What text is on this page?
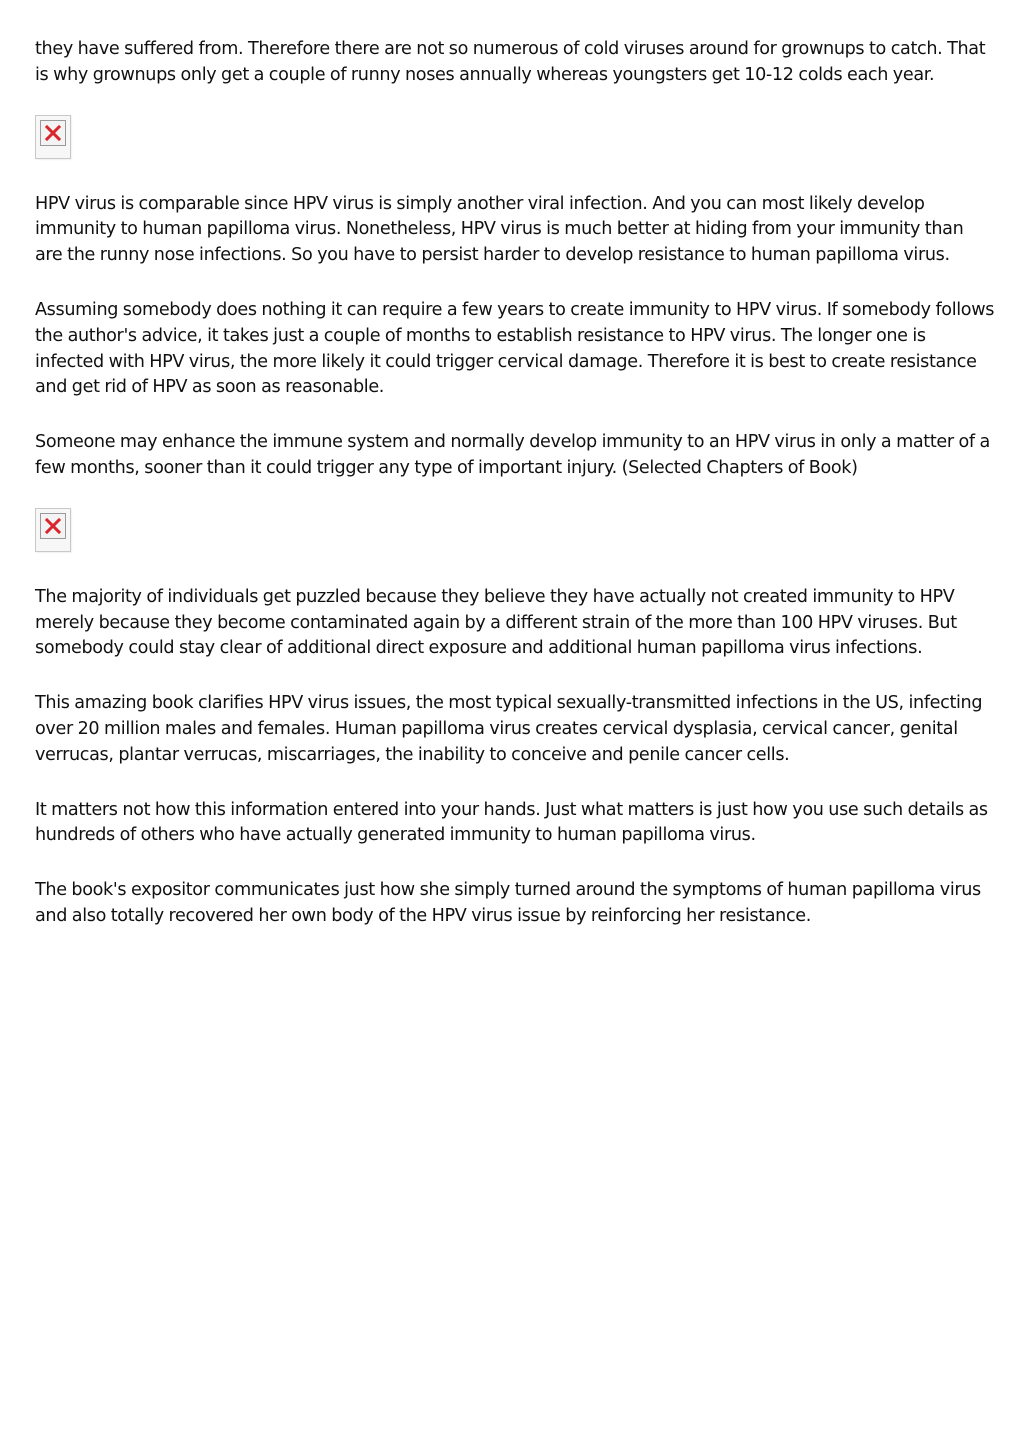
they have suffered from. Therefore there are not so numerous of cold viruses around for grownups to catch. That is why grownups only get a couple of runny noses annually whereas youngsters get 10-12 colds each year.

HPV virus is comparable since HPV virus is simply another viral infection. And you can most likely develop immunity to human papilloma virus. Nonetheless, HPV virus is much better at hiding from your immunity than are the runny nose infections. So you have to persist harder to develop resistance to human papilloma virus.

Assuming somebody does nothing it can require a few years to create immunity to HPV virus. If somebody follows the author's advice, it takes just a couple of months to establish resistance to HPV virus. The longer one is infected with HPV virus, the more likely it could trigger cervical damage. Therefore it is best to create resistance and get rid of HPV as soon as reasonable.

Someone may enhance the immune system and normally develop immunity to an HPV virus in only a matter of a few months, sooner than it could trigger any type of important injury. (Selected Chapters of Book)

The majority of individuals get puzzled because they believe they have actually not created immunity to HPV merely because they become contaminated again by a different strain of the more than 100 HPV viruses. But somebody could stay clear of additional direct exposure and additional human papilloma virus infections.

This amazing book clarifies HPV virus issues, the most typical sexually-transmitted infections in the US, infecting over 20 million males and females. Human papilloma virus creates cervical dysplasia, cervical cancer, genital verrucas, plantar verrucas, miscarriages, the inability to conceive and penile cancer cells.

It matters not how this information entered into your hands. Just what matters is just how you use such details as hundreds of others who have actually generated immunity to human papilloma virus.

The book's expositor communicates just how she simply turned around the symptoms of human papilloma virus and also totally recovered her own body of the HPV virus issue by reinforcing her resistance.
